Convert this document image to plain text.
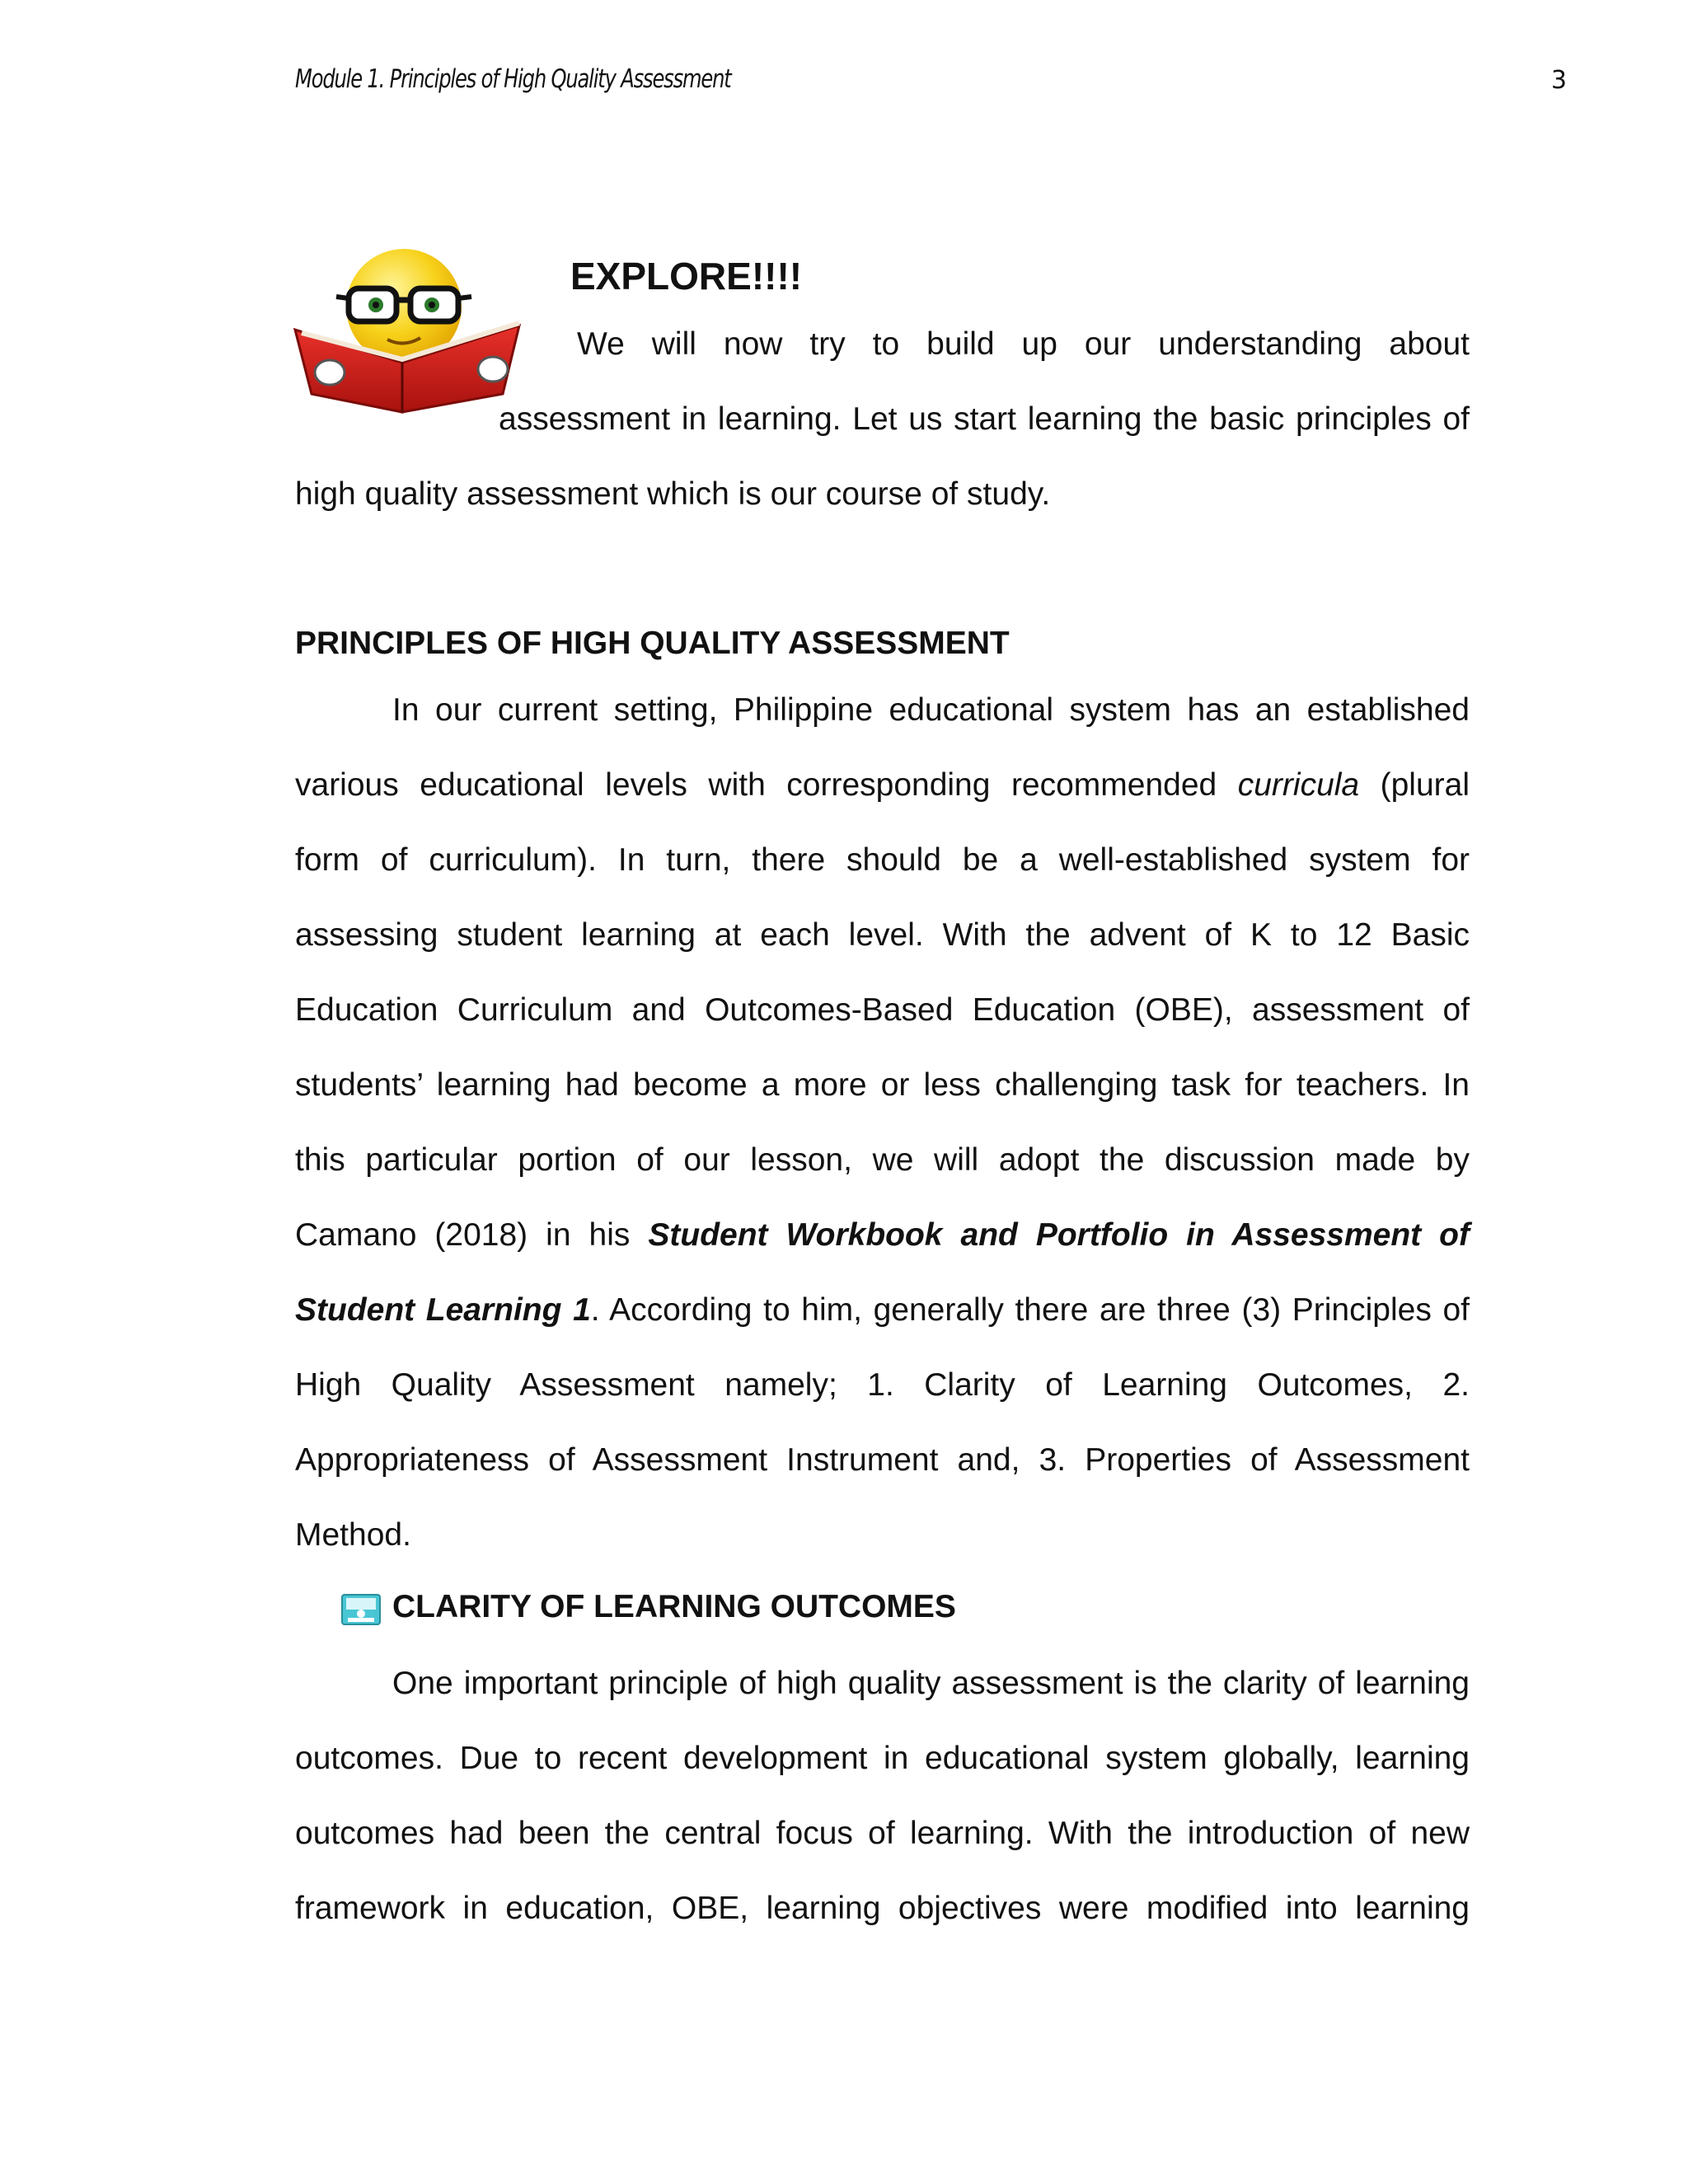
Module 1. Principles of High Quality Assessment	3
EXPLORE!!!!
We will now try to build up our understanding about
assessment in learning. Let us start learning the basic principles of
high quality assessment which is our course of study.
PRINCIPLES OF HIGH QUALITY ASSESSMENT
In our current setting, Philippine educational system has an established
various educational levels with corresponding recommended curricula (plural
form of curriculum). In turn, there should be a well-established system for
assessing student learning at each level. With the advent of K to 12 Basic
Education Curriculum and Outcomes-Based Education (OBE), assessment of
students’ learning had become a more or less challenging task for teachers. In
this particular portion of our lesson, we will adopt the discussion made by
Camano (2018) in his Student Workbook and Portfolio in Assessment of
Student Learning 1. According to him, generally there are three (3) Principles of
High Quality Assessment namely; 1. Clarity of Learning Outcomes, 2.
Appropriateness of Assessment Instrument and, 3. Properties of Assessment
Method.
CLARITY OF LEARNING OUTCOMES
One important principle of high quality assessment is the clarity of learning
outcomes. Due to recent development in educational system globally, learning
outcomes had been the central focus of learning. With the introduction of new
framework in education, OBE, learning objectives were modified into learning
